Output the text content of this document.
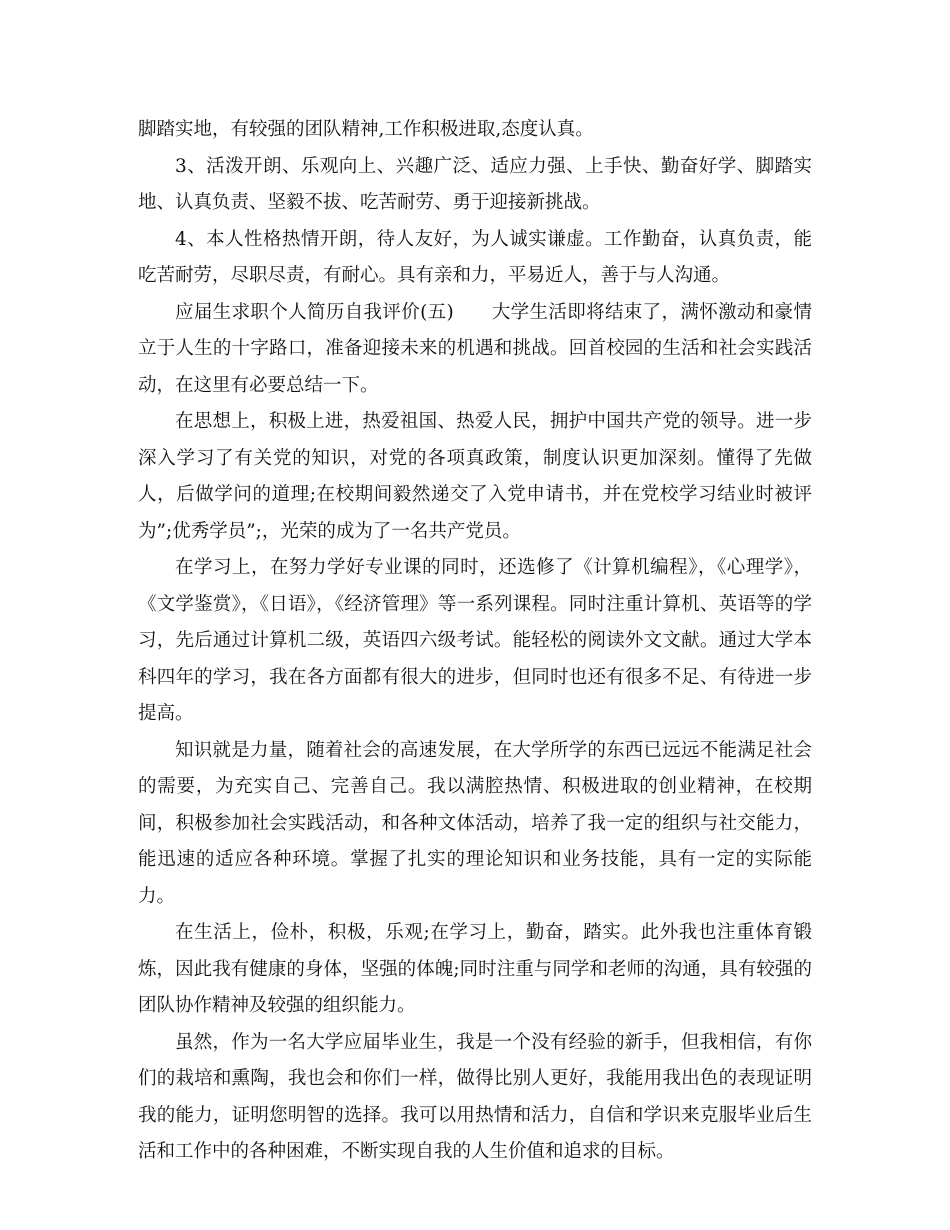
脚踏实地，有较强的团队精神,工作积极进取,态度认真。

3、活泼开朗、乐观向上、兴趣广泛、适应力强、上手快、勤奋好学、脚踏实地、认真负责、坚毅不拔、吃苦耐劳、勇于迎接新挑战。

4、本人性格热情开朗，待人友好，为人诚实谦虚。工作勤奋，认真负责，能吃苦耐劳，尽职尽责，有耐心。具有亲和力，平易近人，善于与人沟通。

应届生求职个人简历自我评价(五)　　大学生活即将结束了，满怀激动和豪情立于人生的十字路口，准备迎接未来的机遇和挑战。回首校园的生活和社会实践活动，在这里有必要总结一下。

在思想上，积极上进，热爱祖国、热爱人民，拥护中国共产党的领导。进一步深入学习了有关党的知识，对党的各项真政策，制度认识更加深刻。懂得了先做人，后做学问的道理;在校期间毅然递交了入党申请书，并在党校学习结业时被评为”;优秀学员”;，光荣的成为了一名共产党员。

在学习上，在努力学好专业课的同时，还选修了《计算机编程》，《心理学》，《文学鉴赏》，《日语》，《经济管理》等一系列课程。同时注重计算机、英语等的学习，先后通过计算机二级，英语四六级考试。能轻松的阅读外文文献。通过大学本科四年的学习，我在各方面都有很大的进步，但同时也还有很多不足、有待进一步提高。

知识就是力量，随着社会的高速发展，在大学所学的东西已远远不能满足社会的需要，为充实自己、完善自己。我以满腔热情、积极进取的创业精神，在校期间，积极参加社会实践活动，和各种文体活动，培养了我一定的组织与社交能力，能迅速的适应各种环境。掌握了扎实的理论知识和业务技能，具有一定的实际能力。

在生活上，俭朴，积极，乐观;在学习上，勤奋，踏实。此外我也注重体育锻炼，因此我有健康的身体，坚强的体魄;同时注重与同学和老师的沟通，具有较强的团队协作精神及较强的组织能力。

虽然，作为一名大学应届毕业生，我是一个没有经验的新手，但我相信，有你们的栽培和熏陶，我也会和你们一样，做得比别人更好，我能用我出色的表现证明我的能力，证明您明智的选择。我可以用热情和活力，自信和学识来克服毕业后生活和工作中的各种困难，不断实现自我的人生价值和追求的目标。
